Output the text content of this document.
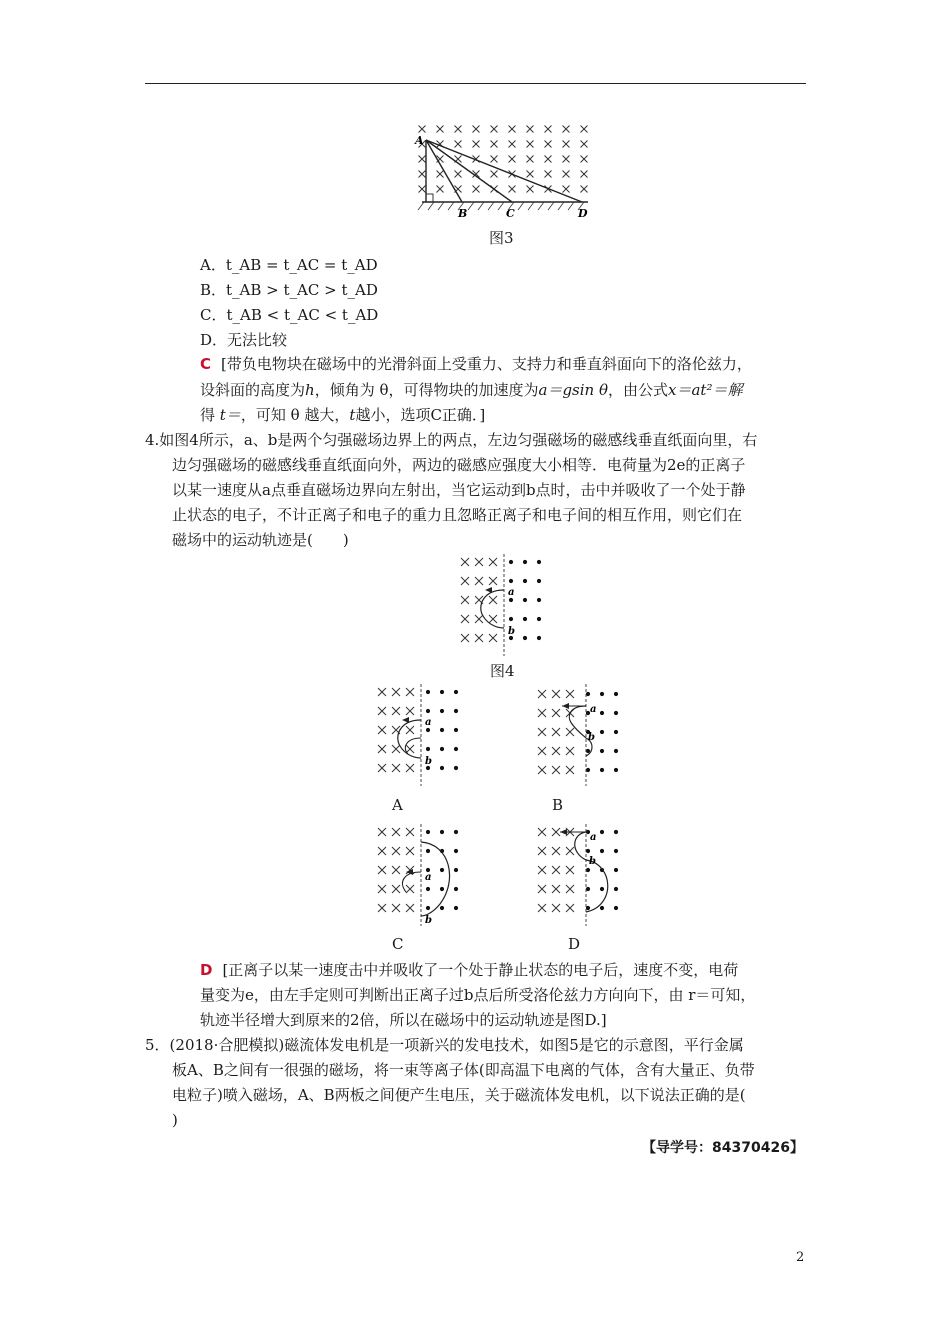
A
B	C	D
图3
A．t_AB = t_AC = t_AD
B．t_AB > t_AC > t_AD
C．t_AB < t_AC < t_AD
D．无法比较
C [带负电物块在磁场中的光滑斜面上受重力、支持力和垂直斜面向下的洛伦兹力，
设斜面的高度为h，倾角为 θ，可得物块的加速度为a＝gsin θ，由公式x＝at²＝解
得 t＝，可知 θ 越大，t越小，选项C正确．]
4.如图4所示，a、b是两个匀强磁场边界上的两点，左边匀强磁场的磁感线垂直纸面向里，右
边匀强磁场的磁感线垂直纸面向外，两边的磁感应强度大小相等．电荷量为2e的正离子
以某一速度从a点垂直磁场边界向左射出，当它运动到b点时，击中并吸收了一个处于静
止状态的电子，不计正离子和电子的重力且忽略正离子和电子间的相互作用，则它们在
磁场中的运动轨迹是(　　)
a
b
图4
a
b
A
a
b
B
a
b
C
a
b
D
D [正离子以某一速度击中并吸收了一个处于静止状态的电子后，速度不变，电荷
量变为e，由左手定则可判断出正离子过b点后所受洛伦兹力方向向下，由 r＝可知，
轨迹半径增大到原来的2倍，所以在磁场中的运动轨迹是图D.]
5．(2018·合肥模拟)磁流体发电机是一项新兴的发电技术，如图5是它的示意图，平行金属
板A、B之间有一很强的磁场，将一束等离子体(即高温下电离的气体，含有大量正、负带
电粒子)喷入磁场，A、B两板之间便产生电压，关于磁流体发电机，以下说法正确的是(
)
【导学号：84370426】
2
